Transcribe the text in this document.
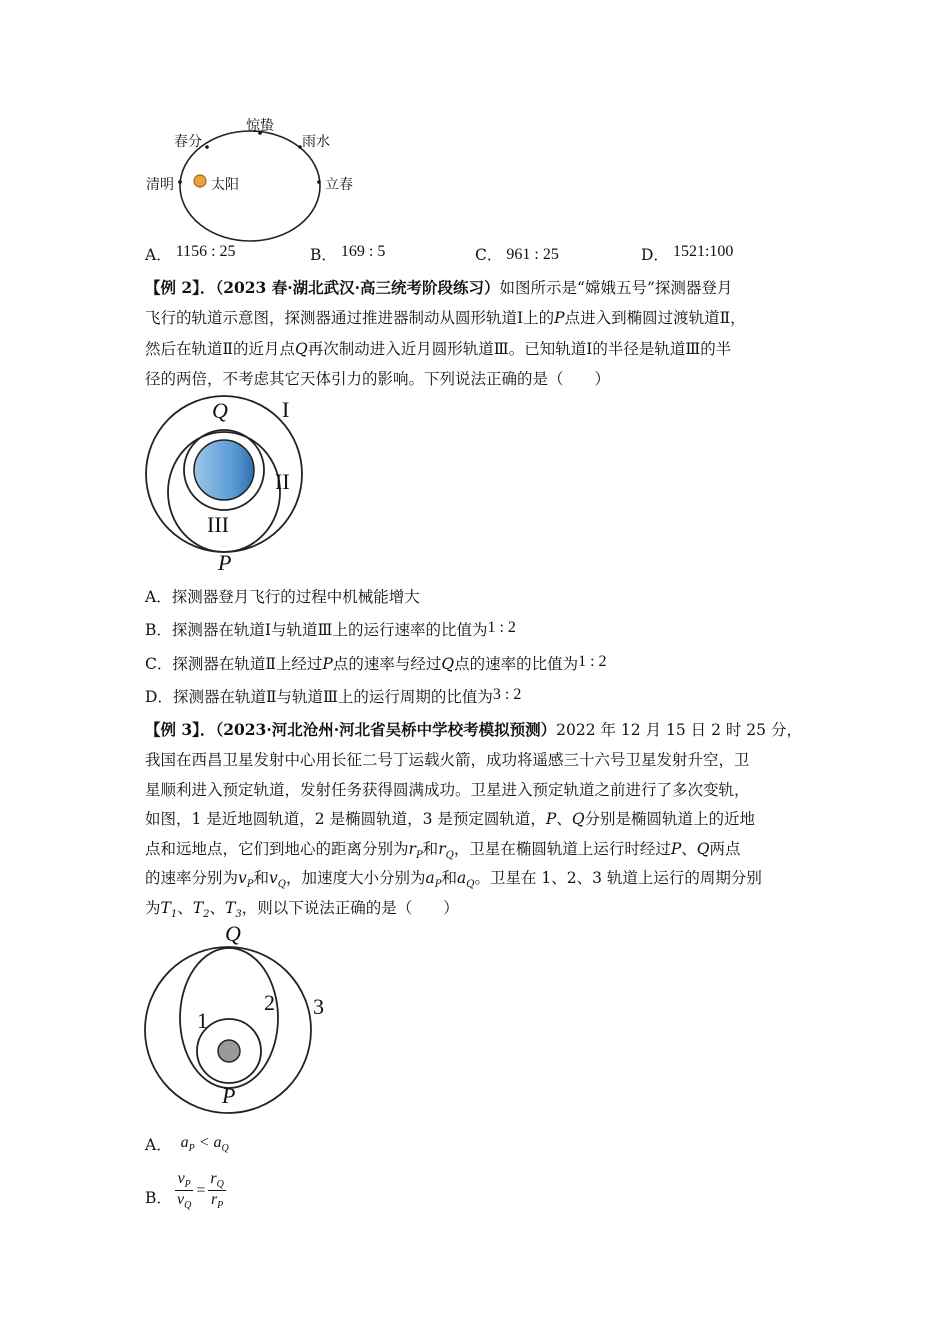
惊蛰
春分	雨水
清明	太阳	立春
A． 1156 : 25	B． 169 : 5	C． 961 : 25	D． 1521:100
【例 2】．（2023 春·湖北武汉·高三统考阶段练习）如图所示是“嫦娥五号”探测器登月
飞行的轨道示意图，探测器通过推进器制动从圆形轨道Ⅰ上的P点进入到椭圆过渡轨道Ⅱ，
然后在轨道Ⅱ的近月点Q再次制动进入近月圆形轨道Ⅲ。已知轨道Ⅰ的半径是轨道Ⅲ的半
径的两倍，不考虑其它天体引力的影响。下列说法正确的是（　　）
Q I
II
III
P
A．探测器登月飞行的过程中机械能增大
B．探测器在轨道Ⅰ与轨道Ⅲ上的运行速率的比值为1 : 2
C．探测器在轨道Ⅱ上经过P点的速率与经过Q点的速率的比值为1 : 2
D．探测器在轨道Ⅱ与轨道Ⅲ上的运行周期的比值为3 : 2
【例 3】．（2023·河北沧州·河北省吴桥中学校考模拟预测）2022 年 12 月 15 日 2 时 25 分，
我国在西昌卫星发射中心用长征二号丁运载火箭，成功将遥感三十六号卫星发射升空，卫
星顺利进入预定轨道，发射任务获得圆满成功。卫星进入预定轨道之前进行了多次变轨，
如图，1 是近地圆轨道，2 是椭圆轨道，3 是预定圆轨道，P、Q分别是椭圆轨道上的近地
点和远地点，它们到地心的距离分别为$r_P$和$r_Q$，卫星在椭圆轨道上运行时经过P、Q两点
的速率分别为$v_P$和$v_Q$，加速度大小分别为$a_P$和$a_Q$。卫星在 1、2、3 轨道上运行的周期分别
为$T_1$、$T_2$、$T_3$，则以下说法正确的是（　　）
Q
1
2 3
P
A． $a_P < a_Q$
B．
$v_P$
$v_Q$
=
$r_Q$
$r_P$
